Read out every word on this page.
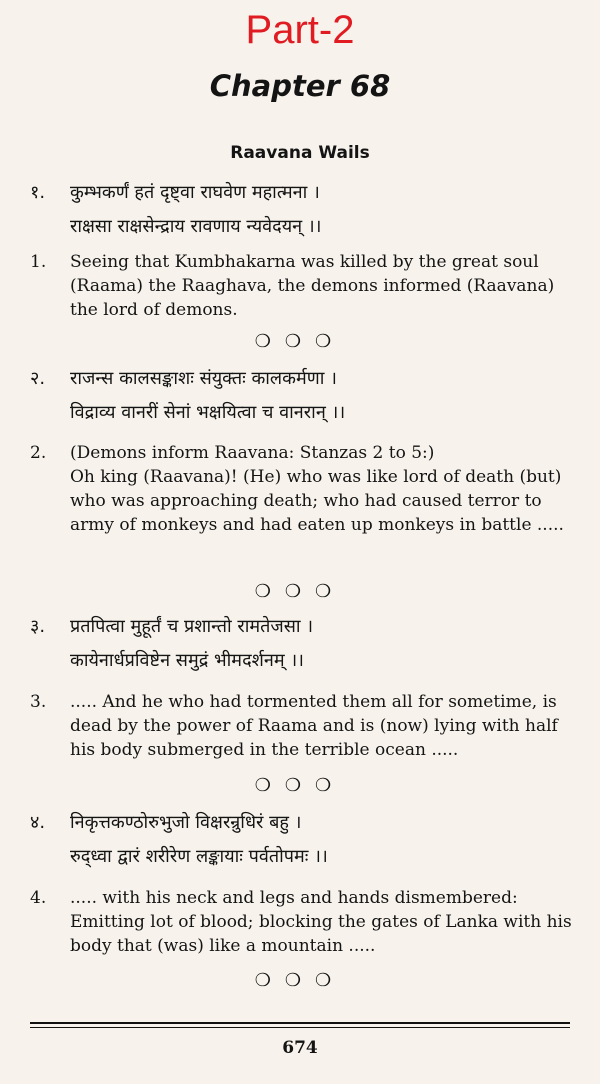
Part-2
Chapter 68
Raavana Wails
१. कुम्भकर्णं हतं दृष्ट्वा राघवेण महात्मना ।
राक्षसा राक्षसेन्द्राय रावणाय न्यवेदयन् ।।
1. Seeing that Kumbhakarna was killed by the great soul (Raama) the Raaghava, the demons informed (Raavana) the lord of demons.
❍❍❍
२. राजन्स कालसङ्काशः संयुक्तः कालकर्मणा ।
विद्राव्य वानरीं सेनां भक्षयित्वा च वानरान् ।।
2. (Demons inform Raavana: Stanzas 2 to 5:)
Oh king (Raavana)! (He) who was like lord of death (but) who was approaching death; who had caused terror to army of monkeys and had eaten up monkeys in battle .....
❍❍❍
३. प्रतपित्वा मुहूर्तं च प्रशान्तो रामतेजसा ।
कायेनार्धप्रविष्टेन समुद्रं भीमदर्शनम् ।।
3. ..... And he who had tormented them all for sometime, is dead by the power of Raama and is (now) lying with half his body submerged in the terrible ocean .....
❍❍❍
४. निकृत्तकण्ठोरुभुजो विक्षरन्रुधिरं बहु ।
रुद्ध्वा द्वारं शरीरेण लङ्कायाः पर्वतोपमः ।।
4. ..... with his neck and legs and hands dismembered: Emitting lot of blood; blocking the gates of Lanka with his body that (was) like a mountain .....
❍❍❍
674
